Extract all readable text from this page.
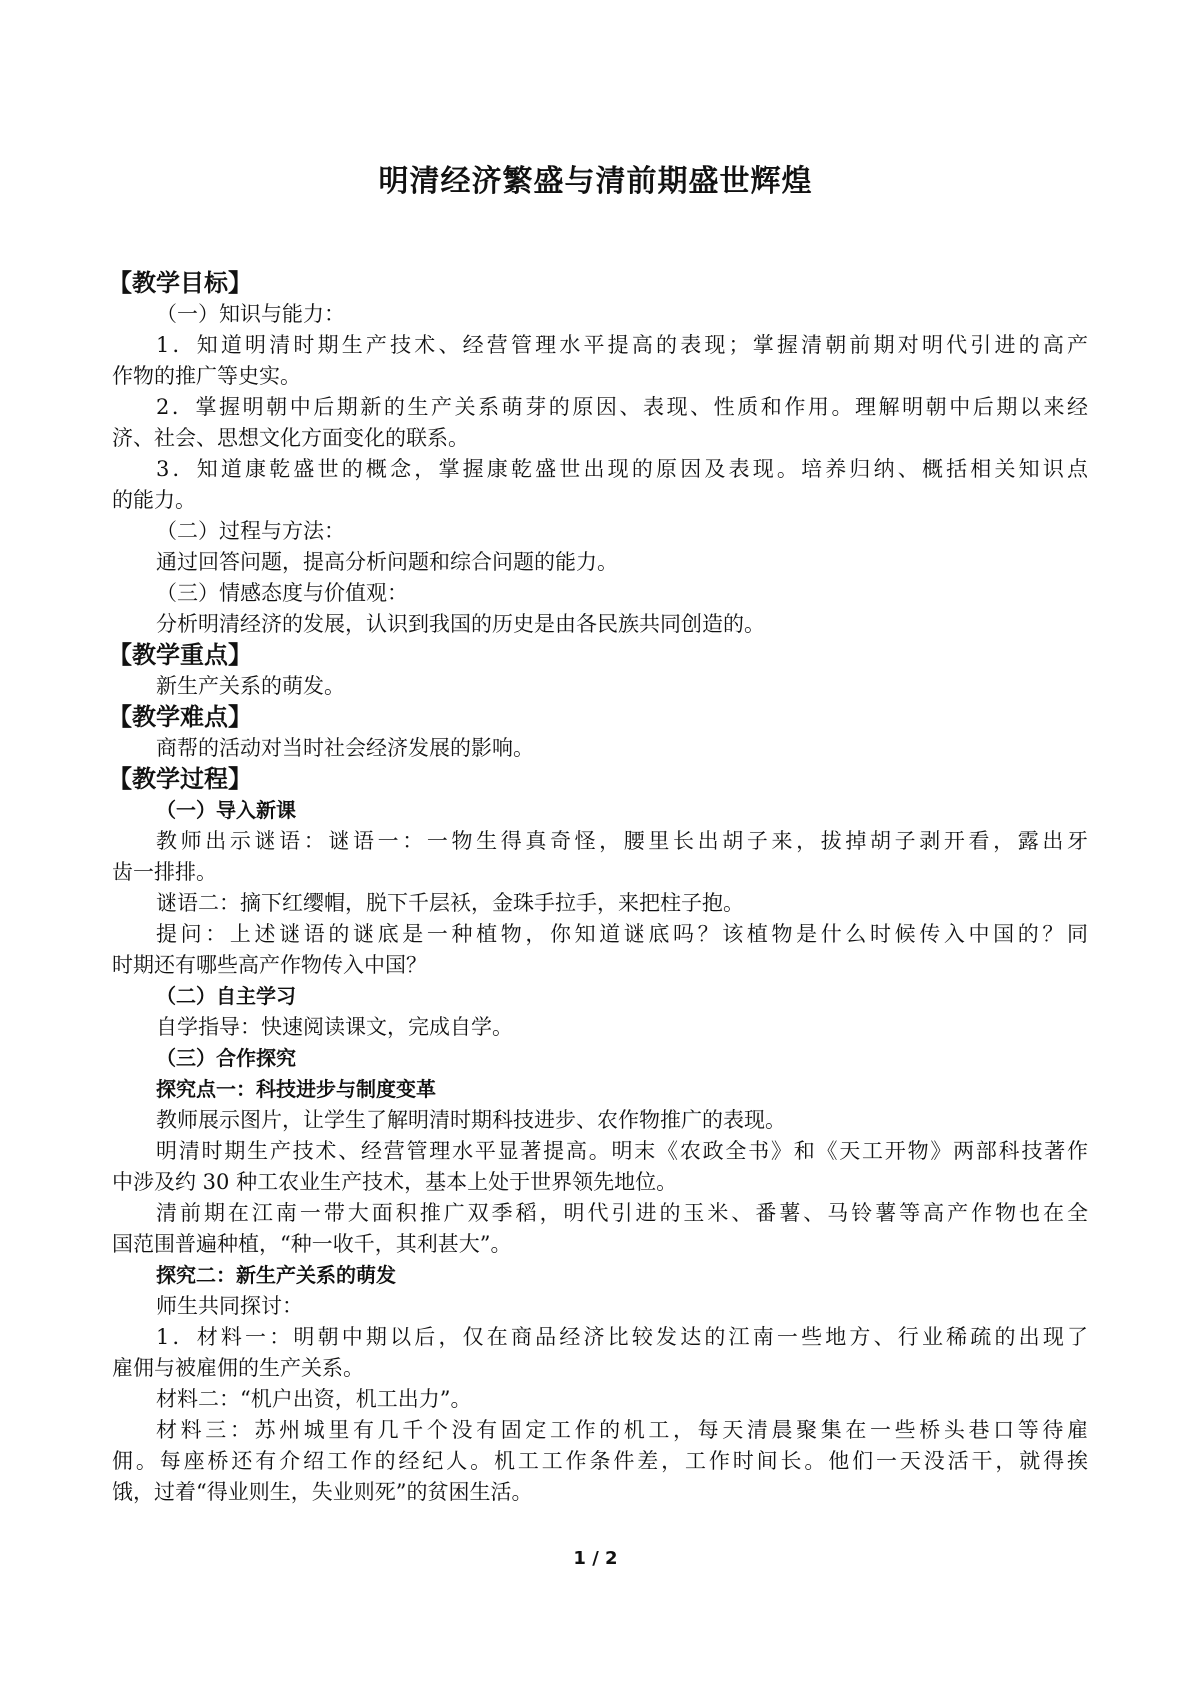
明清经济繁盛与清前期盛世辉煌
【教学目标】
（一）知识与能力：
1．知道明清时期生产技术、经营管理水平提高的表现；掌握清朝前期对明代引进的高产
作物的推广等史实。
2．掌握明朝中后期新的生产关系萌芽的原因、表现、性质和作用。理解明朝中后期以来经
济、社会、思想文化方面变化的联系。
3．知道康乾盛世的概念，掌握康乾盛世出现的原因及表现。培养归纳、概括相关知识点
的能力。
（二）过程与方法：
通过回答问题，提高分析问题和综合问题的能力。
（三）情感态度与价值观：
分析明清经济的发展，认识到我国的历史是由各民族共同创造的。
【教学重点】
新生产关系的萌发。
【教学难点】
商帮的活动对当时社会经济发展的影响。
【教学过程】
（一）导入新课
教师出示谜语：谜语一：一物生得真奇怪，腰里长出胡子来，拔掉胡子剥开看，露出牙
齿一排排。
谜语二：摘下红缨帽，脱下千层袄，金珠手拉手，来把柱子抱。
提问：上述谜语的谜底是一种植物，你知道谜底吗？该植物是什么时候传入中国的？同
时期还有哪些高产作物传入中国？
（二）自主学习
自学指导：快速阅读课文，完成自学。
（三）合作探究
探究点一：科技进步与制度变革
教师展示图片，让学生了解明清时期科技进步、农作物推广的表现。
明清时期生产技术、经营管理水平显著提高。明末《农政全书》和《天工开物》两部科技著作
中涉及约 30 种工农业生产技术，基本上处于世界领先地位。
清前期在江南一带大面积推广双季稻，明代引进的玉米、番薯、马铃薯等高产作物也在全
国范围普遍种植，“种一收千，其利甚大”。
探究二：新生产关系的萌发
师生共同探讨：
1．材料一：明朝中期以后，仅在商品经济比较发达的江南一些地方、行业稀疏的出现了
雇佣与被雇佣的生产关系。
材料二：“机户出资，机工出力”。
材料三：苏州城里有几千个没有固定工作的机工，每天清晨聚集在一些桥头巷口等待雇
佣。每座桥还有介绍工作的经纪人。机工工作条件差，工作时间长。他们一天没活干，就得挨
饿，过着“得业则生，失业则死”的贫困生活。
1 / 2
